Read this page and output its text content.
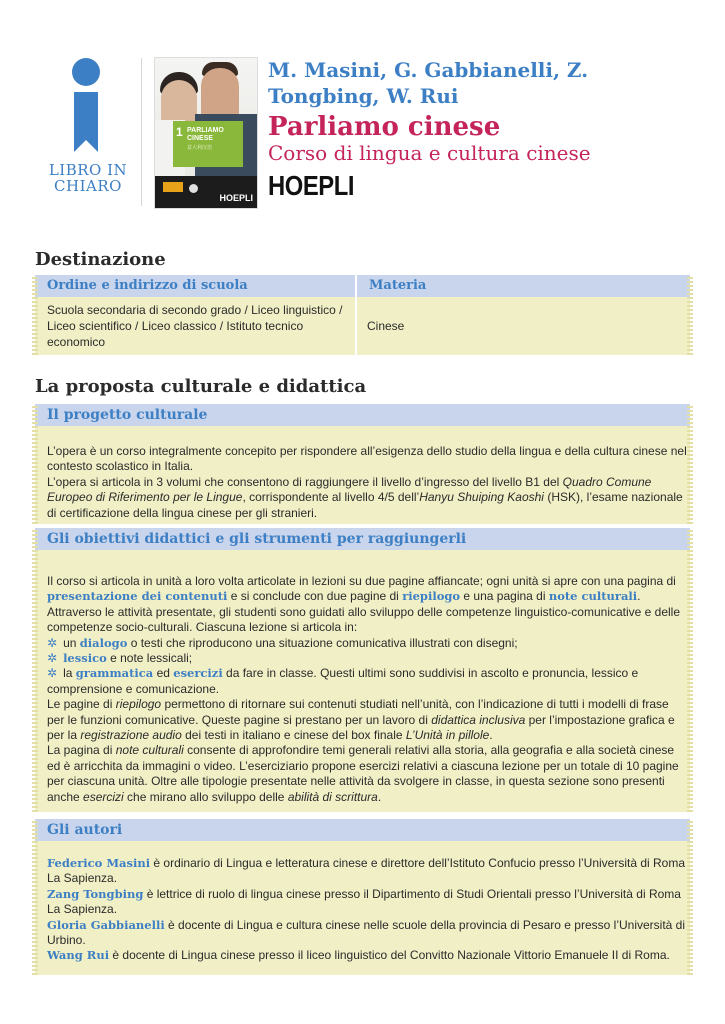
LIBRO IN
CHIARO
1 PARLIAMO CINESE
意大利汉语
HOEPLI
M. Masini, G. Gabbianelli, Z. Tongbing, W. Rui
Parliamo cinese
Corso di lingua e cultura cinese
HOEPLI
Destinazione
Ordine e indirizzo di scuola	Materia
Scuola secondaria di secondo grado / Liceo linguistico / Liceo scientifico / Liceo classico / Istituto tecnico economico
Cinese
La proposta culturale e didattica
Il progetto culturale

L’opera è un corso integralmente concepito per rispondere all’esigenza dello studio della lingua e della cultura cinese nel contesto scolastico in Italia.

L’opera si articola in 3 volumi che consentono di raggiungere il livello d’ingresso del livello B1 del Quadro Comune Europeo di Riferimento per le Lingue, corrispondente al livello 4/5 dell’Hanyu Shuiping Kaoshi (HSK), l’esame nazionale di certificazione della lingua cinese per gli stranieri.

Gli obiettivi didattici e gli strumenti per raggiungerli

Il corso si articola in unità a loro volta articolate in lezioni su due pagine affiancate; ogni unità si apre con una pagina di presentazione dei contenuti e si conclude con due pagine di riepilogo e una pagina di note culturali.

Attraverso le attività presentate, gli studenti sono guidati allo sviluppo delle competenze linguistico-comunicative e delle competenze socio-culturali. Ciascuna lezione si articola in:

✲ un dialogo o testi che riproducono una situazione comunicativa illustrati con disegni;

✲ lessico e note lessicali;

✲ la grammatica ed esercizi da fare in classe. Questi ultimi sono suddivisi in ascolto e pronuncia, lessico e comprensione e comunicazione.

Le pagine di riepilogo permettono di ritornare sui contenuti studiati nell’unità, con l’indicazione di tutti i modelli di frase per le funzioni comunicative. Queste pagine si prestano per un lavoro di didattica inclusiva per l’impostazione grafica e per la registrazione audio dei testi in italiano e cinese del box finale L’Unità in pillole.

La pagina di note culturali consente di approfondire temi generali relativi alla storia, alla geografia e alla società cinese ed è arricchita da immagini o video. L’eserciziario propone esercizi relativi a ciascuna lezione per un totale di 10 pagine per ciascuna unità. Oltre alle tipologie presentate nelle attività da svolgere in classe, in questa sezione sono presenti anche esercizi che mirano allo sviluppo delle abilità di scrittura.

Gli autori

Federico Masini è ordinario di Lingua e letteratura cinese e direttore dell’Istituto Confucio presso l’Università di Roma La Sapienza.

Zang Tongbing è lettrice di ruolo di lingua cinese presso il Dipartimento di Studi Orientali presso l’Università di Roma La Sapienza.

Gloria Gabbianelli è docente di Lingua e cultura cinese nelle scuole della provincia di Pesaro e presso l’Università di Urbino.

Wang Rui è docente di Lingua cinese presso il liceo linguistico del Convitto Nazionale Vittorio Emanuele II di Roma.
